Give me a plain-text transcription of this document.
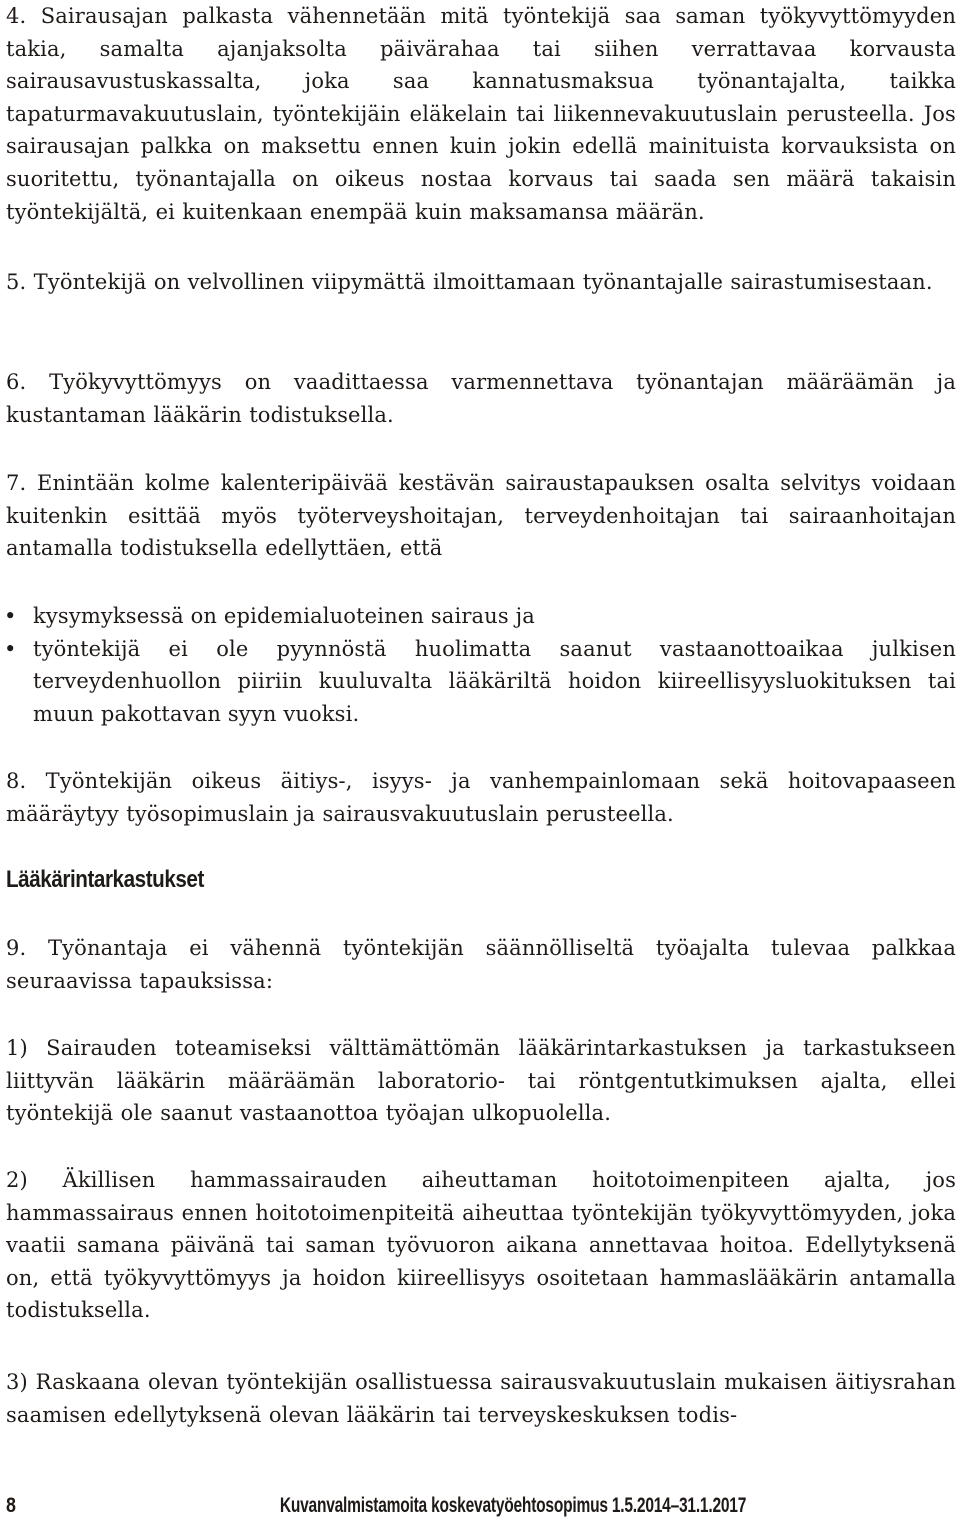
4. Sairausajan palkasta vähennetään mitä työntekijä saa saman työkyvyttömyyden takia, samalta ajanjaksolta päivärahaa tai siihen verrattavaa korvausta sairausavustuskassalta, joka saa kannatusmaksua työnantajalta, taikka tapaturmavakuutuslain, työntekijäin eläkelain tai liikennevakuutuslain perusteella. Jos sairausajan palkka on maksettu ennen kuin jokin edellä mainituista korvauksista on suoritettu, työnantajalla on oikeus nostaa korvaus tai saada sen määrä takaisin työntekijältä, ei kuitenkaan enempää kuin maksamansa määrän.

5. Työntekijä on velvollinen viipymättä ilmoittamaan työnantajalle sairastumisestaan.

6. Työkyvyttömyys on vaadittaessa varmennettava työnantajan määräämän ja kustantaman lääkärin todistuksella.

7. Enintään kolme kalenteripäivää kestävän sairaustapauksen osalta selvitys voidaan kuitenkin esittää myös työterveyshoitajan, terveydenhoitajan tai sairaanhoitajan antamalla todistuksella edellyttäen, että

• kysymyksessä on epidemialuoteinen sairaus ja
• työntekijä ei ole pyynnöstä huolimatta saanut vastaanottoaikaa julkisen terveydenhuollon piiriin kuuluvalta lääkäriltä hoidon kiireellisyysluokituksen tai muun pakottavan syyn vuoksi.

8. Työntekijän oikeus äitiys-, isyys- ja vanhempainlomaan sekä hoitovapaaseen määräytyy työsopimuslain ja sairausvakuutuslain perusteella.

Lääkärintarkastukset

9. Työnantaja ei vähennä työntekijän säännölliseltä työajalta tulevaa palkkaa seuraavissa tapauksissa:

1) Sairauden toteamiseksi välttämättömän lääkärintarkastuksen ja tarkastukseen liittyvän lääkärin määräämän laboratorio- tai röntgentutkimuksen ajalta, ellei työntekijä ole saanut vastaanottoa työajan ulkopuolella.

2) Äkillisen hammassairauden aiheuttaman hoitotoimenpiteen ajalta, jos hammassairaus ennen hoitotoimenpiteitä aiheuttaa työntekijän työkyvyttömyyden, joka vaatii samana päivänä tai saman työvuoron aikana annettavaa hoitoa. Edellytyksenä on, että työkyvyttömyys ja hoidon kiireellisyys osoitetaan hammaslääkärin antamalla todistuksella.

3) Raskaana olevan työntekijän osallistuessa sairausvakuutuslain mukaisen äitiysrahan saamisen edellytyksenä olevan lääkärin tai terveyskeskuksen todis-

8	Kuvanvalmistamoita koskevatyöehtosopimus 1.5.2014–31.1.2017
